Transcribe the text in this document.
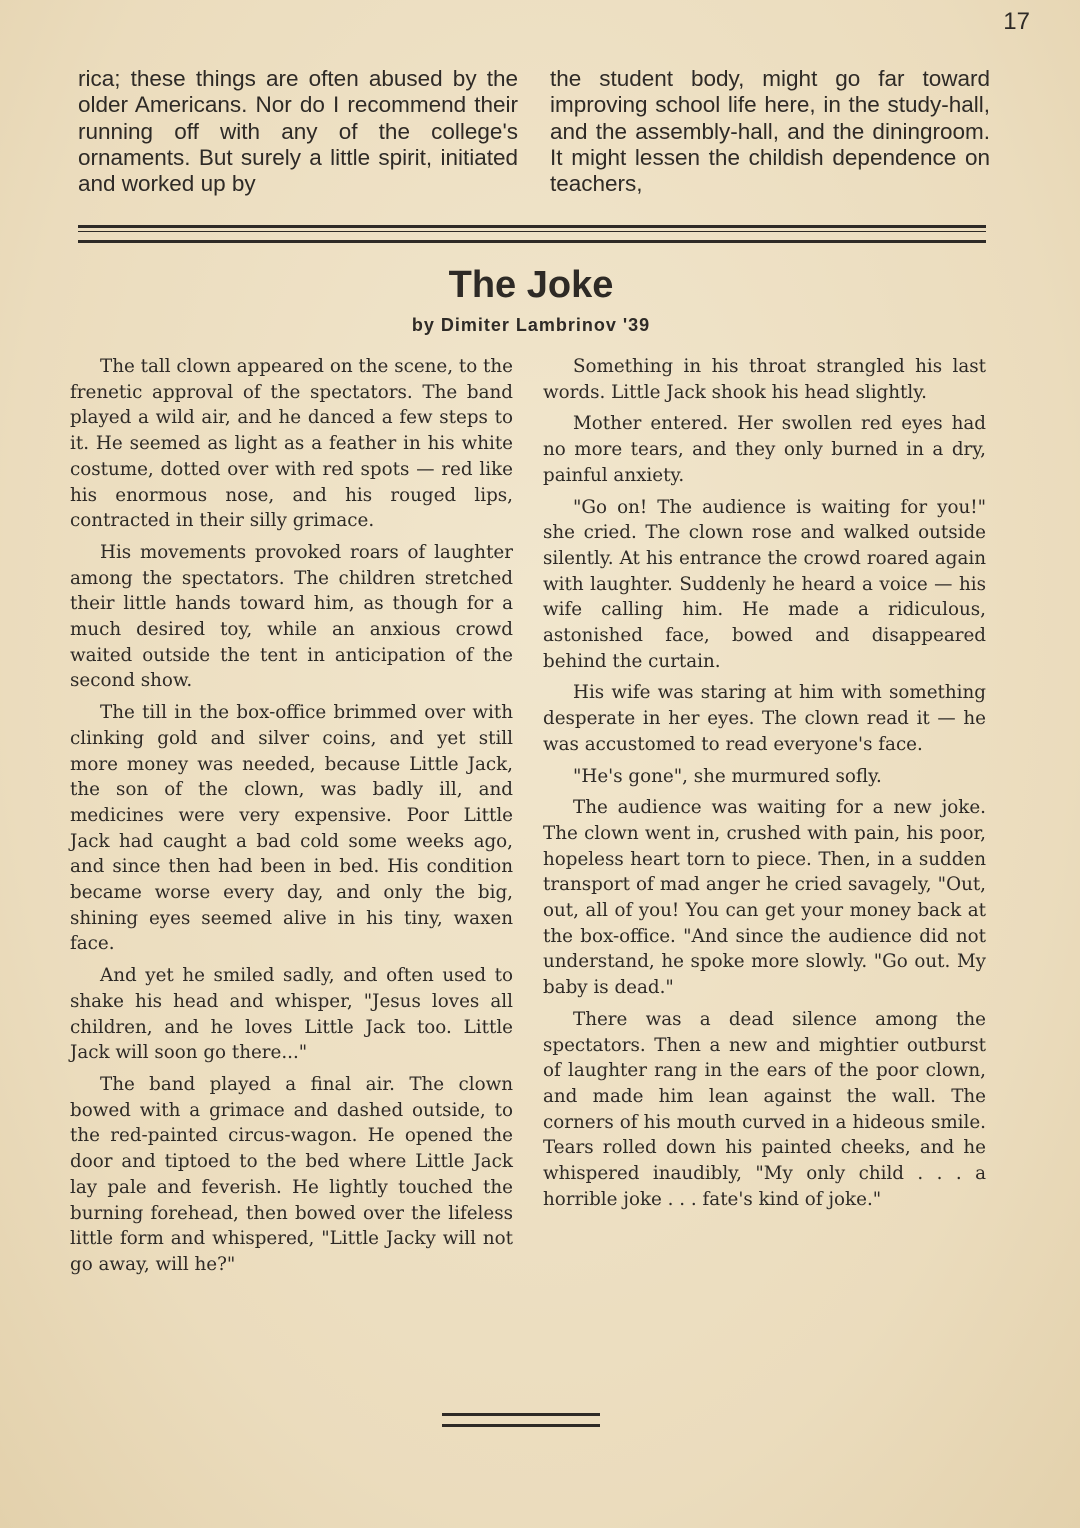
17

rica; these things are often abused by the older Americans. Nor do I recommend their running off with any of the college's ornaments. But surely a little spirit, initiated and worked up by

the student body, might go far toward improving school life here, in the study-hall, and the assembly-hall, and the diningroom. It might lessen the childish dependence on teachers,

The Joke
by Dimiter Lambrinov '39

The tall clown appeared on the scene, to the frenetic approval of the spectators. The band played a wild air, and he danced a few steps to it. He seemed as light as a feather in his white costume, dotted over with red spots — red like his enormous nose, and his rouged lips, contracted in their silly grimace.

His movements provoked roars of laughter among the spectators. The children stretched their little hands toward him, as though for a much desired toy, while an anxious crowd waited outside the tent in anticipation of the second show.

The till in the box-office brimmed over with clinking gold and silver coins, and yet still more money was needed, because Little Jack, the son of the clown, was badly ill, and medicines were very expensive. Poor Little Jack had caught a bad cold some weeks ago, and since then had been in bed. His condition became worse every day, and only the big, shining eyes seemed alive in his tiny, waxen face.

And yet he smiled sadly, and often used to shake his head and whisper, "Jesus loves all children, and he loves Little Jack too. Little Jack will soon go there..."

The band played a final air. The clown bowed with a grimace and dashed outside, to the red-painted circus-wagon. He opened the door and tiptoed to the bed where Little Jack lay pale and feverish. He lightly touched the burning forehead, then bowed over the lifeless little form and whispered, "Little Jacky will not go away, will he?"

Something in his throat strangled his last words. Little Jack shook his head slightly.

Mother entered. Her swollen red eyes had no more tears, and they only burned in a dry, painful anxiety.

"Go on! The audience is waiting for you!" she cried. The clown rose and walked outside silently. At his entrance the crowd roared again with laughter. Suddenly he heard a voice — his wife calling him. He made a ridiculous, astonished face, bowed and disappeared behind the curtain.

His wife was staring at him with something desperate in her eyes. The clown read it — he was accustomed to read everyone's face.

"He's gone", she murmured sofly.

The audience was waiting for a new joke. The clown went in, crushed with pain, his poor, hopeless heart torn to piece. Then, in a sudden transport of mad anger he cried savagely, "Out, out, all of you! You can get your money back at the box-office. "And since the audience did not understand, he spoke more slowly. "Go out. My baby is dead."

There was a dead silence among the spectators. Then a new and mightier outburst of laughter rang in the ears of the poor clown, and made him lean against the wall. The corners of his mouth curved in a hideous smile. Tears rolled down his painted cheeks, and he whispered inaudibly, "My only child . . . a horrible joke . . . fate's kind of joke."
